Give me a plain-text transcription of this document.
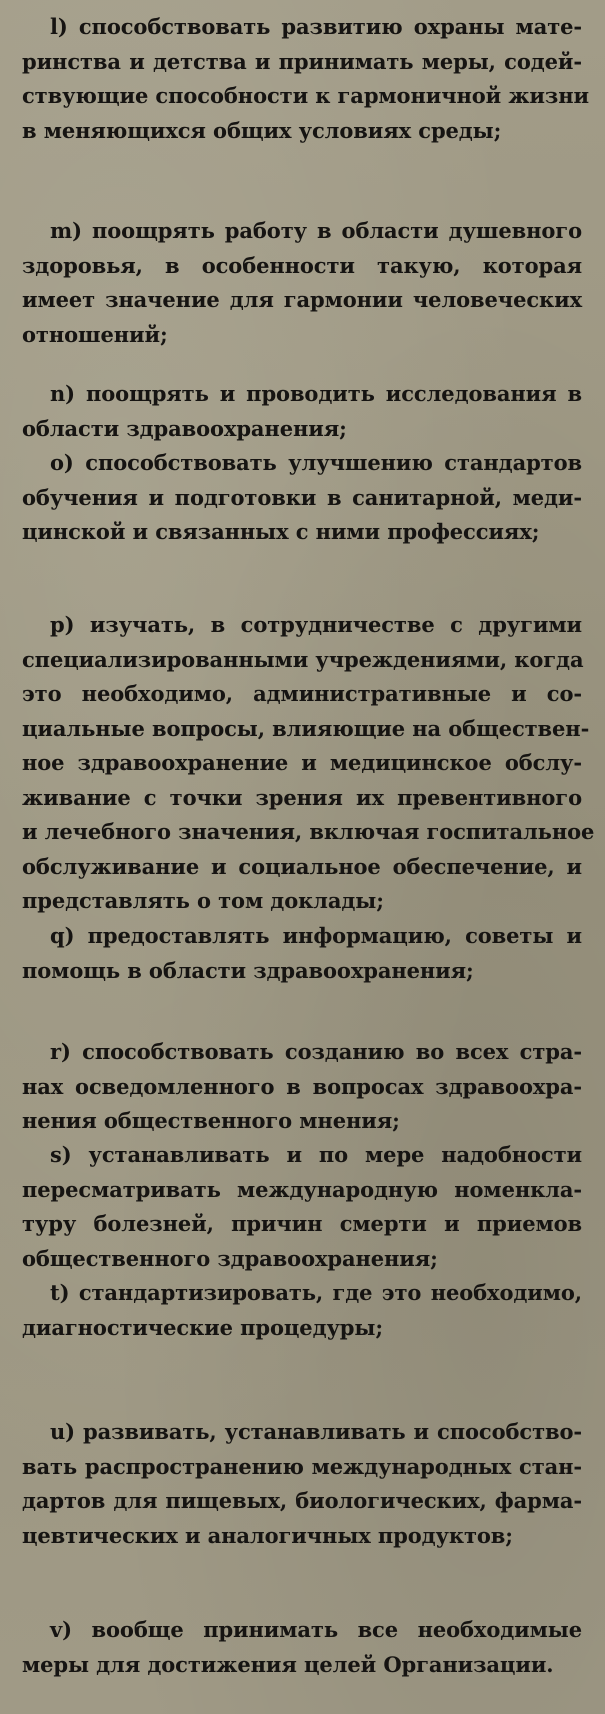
l) способствовать развитию охраны мате-
ринства и детства и принимать меры, содей-
ствующие способности к гармоничной жизни
в меняющихся общих условиях среды;

m) поощрять работу в области душевного
здоровья, в особенности такую, которая
имеет значение для гармонии человеческих
отношений;

n) поощрять и проводить исследования в
области здравоохранения;

o) способствовать улучшению стандартов
обучения и подготовки в санитарной, меди-
цинской и связанных с ними профессиях;

p) изучать, в сотрудничестве с другими
специализированными учреждениями, когда
это необходимо, административные и со-
циальные вопросы, влияющие на обществен-
ное здравоохранение и медицинское обслу-
живание с точки зрения их превентивного
и лечебного значения, включая госпитальное
обслуживание и социальное обеспечение, и
представлять о том доклады;

q) предоставлять информацию, советы и
помощь в области здравоохранения;

r) способствовать созданию во всех стра-
нах осведомленного в вопросах здравоохра-
нения общественного мнения;

s) устанавливать и по мере надобности
пересматривать международную номенкла-
туру болезней, причин смерти и приемов
общественного здравоохранения;

t) стандартизировать, где это необходимо,
диагностические процедуры;

u) развивать, устанавливать и способство-
вать распространению международных стан-
дартов для пищевых, биологических, фарма-
цевтических и аналогичных продуктов;

v) вообще принимать все необходимые
меры для достижения целей Организации.
